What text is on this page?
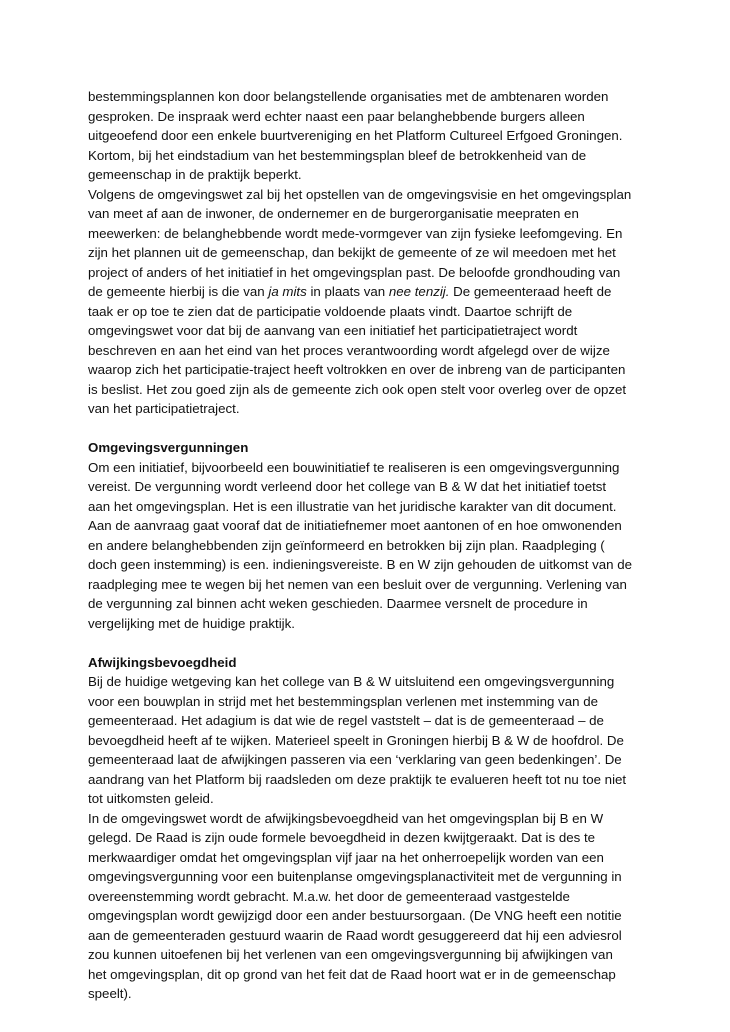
bestemmingsplannen kon door belangstellende organisaties met de ambtenaren worden
gesproken. De inspraak werd echter naast een paar belanghebbende burgers alleen
uitgeoefend door een enkele buurtvereniging en het Platform Cultureel Erfgoed Groningen.
Kortom, bij het eindstadium van het bestemmingsplan bleef de betrokkenheid van de
gemeenschap in de praktijk beperkt.

Volgens de omgevingswet zal bij het opstellen van de omgevingsvisie en het omgevingsplan
van meet af aan de inwoner, de ondernemer en de burgerorganisatie meepraten en
meewerken: de belanghebbende wordt mede-vormgever van zijn fysieke leefomgeving. En
zijn het plannen uit de gemeenschap, dan bekijkt de gemeente of ze wil meedoen met het
project of anders of het initiatief in het omgevingsplan past. De beloofde grondhouding van
de gemeente hierbij is die van ja mits in plaats van nee tenzij. De gemeenteraad heeft de
taak er op toe te zien dat de participatie voldoende plaats vindt. Daartoe schrijft de
omgevingswet voor dat bij de aanvang van een initiatief het participatietraject wordt
beschreven en aan het eind van het proces verantwoording wordt afgelegd over de wijze
waarop zich het participatie-traject heeft voltrokken en over de inbreng van de participanten
is beslist. Het zou goed zijn als de gemeente zich ook open stelt voor overleg over de opzet
van het participatietraject.

Omgevingsvergunningen

Om een initiatief, bijvoorbeeld een bouwinitiatief te realiseren is een omgevingsvergunning
vereist. De vergunning wordt verleend door het college van B & W dat het initiatief toetst
aan het omgevingsplan. Het is een illustratie van het juridische karakter van dit document.
Aan de aanvraag gaat vooraf dat de initiatiefnemer moet aantonen of en hoe omwonenden
en andere belanghebbenden zijn geïnformeerd en betrokken bij zijn plan. Raadpleging (
doch geen instemming) is een. indieningsvereiste. B en W zijn gehouden de uitkomst van de
raadpleging mee te wegen bij het nemen van een besluit over de vergunning. Verlening van
de vergunning zal binnen acht weken geschieden. Daarmee versnelt de procedure in
vergelijking met de huidige praktijk.

Afwijkingsbevoegdheid

Bij de huidige wetgeving kan het college van B & W uitsluitend een omgevingsvergunning
voor een bouwplan in strijd met het bestemmingsplan verlenen met instemming van de
gemeenteraad. Het adagium is dat wie de regel vaststelt – dat is de gemeenteraad – de
bevoegdheid heeft af te wijken. Materieel speelt in Groningen hierbij B & W de hoofdrol. De
gemeenteraad laat de afwijkingen passeren via een ‘verklaring van geen bedenkingen’. De
aandrang van het Platform bij raadsleden om deze praktijk te evalueren heeft tot nu toe niet
tot uitkomsten geleid.

In de omgevingswet wordt de afwijkingsbevoegdheid van het omgevingsplan bij B en W
gelegd. De Raad is zijn oude formele bevoegdheid in dezen kwijtgeraakt. Dat is des te
merkwaardiger omdat het omgevingsplan vijf jaar na het onherroepelijk worden van een
omgevingsvergunning voor een buitenplanse omgevingsplanactiviteit met de vergunning in
overeenstemming wordt gebracht. M.a.w. het door de gemeenteraad vastgestelde
omgevingsplan wordt gewijzigd door een ander bestuursorgaan. (De VNG heeft een notitie
aan de gemeenteraden gestuurd waarin de Raad wordt gesuggereerd dat hij een adviesrol
zou kunnen uitoefenen bij het verlenen van een omgevingsvergunning bij afwijkingen van
het omgevingsplan, dit op grond van het feit dat de Raad hoort wat er in de gemeenschap
speelt).
